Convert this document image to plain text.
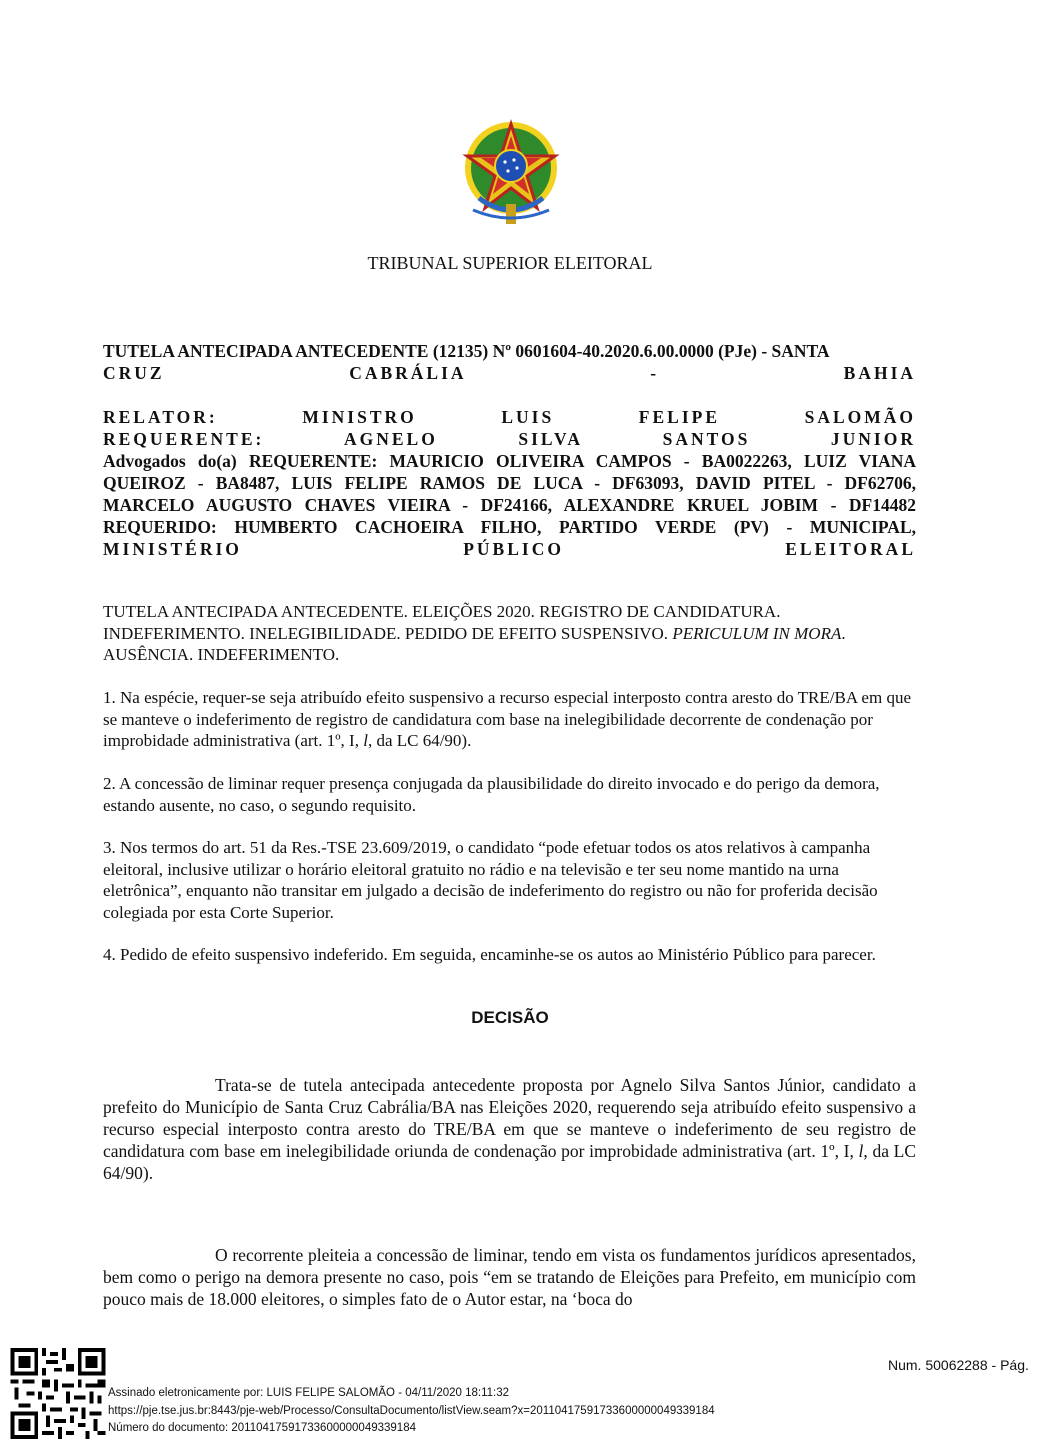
TRIBUNAL SUPERIOR ELEITORAL
TUTELA ANTECIPADA ANTECEDENTE (12135) Nº 0601604-40.2020.6.00.0000 (PJe) - SANTA
CRUZ	CABRÁLIA	-	BAHIA
RELATOR:	MINISTRO	LUIS	FELIPE	SALOMÃO
REQUERENTE:	AGNELO	SILVA	SANTOS	JUNIOR
Advogados do(a) REQUERENTE: MAURICIO OLIVEIRA CAMPOS - BA0022263, LUIZ VIANA
QUEIROZ - BA8487, LUIS FELIPE RAMOS DE LUCA - DF63093, DAVID PITEL - DF62706,
MARCELO AUGUSTO CHAVES VIEIRA - DF24166, ALEXANDRE KRUEL JOBIM - DF14482
REQUERIDO: HUMBERTO CACHOEIRA FILHO, PARTIDO VERDE (PV) - MUNICIPAL,
MINISTÉRIO	PÚBLICO	ELEITORAL
TUTELA ANTECIPADA ANTECEDENTE. ELEIÇÕES 2020. REGISTRO DE CANDIDATURA. INDEFERIMENTO. INELEGIBILIDADE. PEDIDO DE EFEITO SUSPENSIVO. PERICULUM IN MORA. AUSÊNCIA. INDEFERIMENTO.
1. Na espécie, requer-se seja atribuído efeito suspensivo a recurso especial interposto contra aresto do TRE/BA em que se manteve o indeferimento de registro de candidatura com base na inelegibilidade decorrente de condenação por improbidade administrativa (art. 1º, I, l, da LC 64/90).
2. A concessão de liminar requer presença conjugada da plausibilidade do direito invocado e do perigo da demora, estando ausente, no caso, o segundo requisito.
3. Nos termos do art. 51 da Res.-TSE 23.609/2019, o candidato “pode efetuar todos os atos relativos à campanha eleitoral, inclusive utilizar o horário eleitoral gratuito no rádio e na televisão e ter seu nome mantido na urna eletrônica”, enquanto não transitar em julgado a decisão de indeferimento do registro ou não for proferida decisão colegiada por esta Corte Superior.
4. Pedido de efeito suspensivo indeferido. Em seguida, encaminhe-se os autos ao Ministério Público para parecer.
DECISÃO
Trata-se de tutela antecipada antecedente proposta por Agnelo Silva Santos Júnior, candidato a prefeito do Município de Santa Cruz Cabrália/BA nas Eleições 2020, requerendo seja atribuído efeito suspensivo a recurso especial interposto contra aresto do TRE/BA em que se manteve o indeferimento de seu registro de candidatura com base em inelegibilidade oriunda de condenação por improbidade administrativa (art. 1º, I, l, da LC 64/90).
O recorrente pleiteia a concessão de liminar, tendo em vista os fundamentos jurídicos apresentados, bem como o perigo na demora presente no caso, pois “em se tratando de Eleições para Prefeito, em município com pouco mais de 18.000 eleitores, o simples fato de o Autor estar, na ‘boca do
Assinado eletronicamente por: LUIS FELIPE SALOMÃO - 04/11/2020 18:11:32
https://pje.tse.jus.br:8443/pje-web/Processo/ConsultaDocumento/listView.seam?x=20110417591733600000049339184
Número do documento: 20110417591733600000049339184
Num. 50062288 - Pág.
